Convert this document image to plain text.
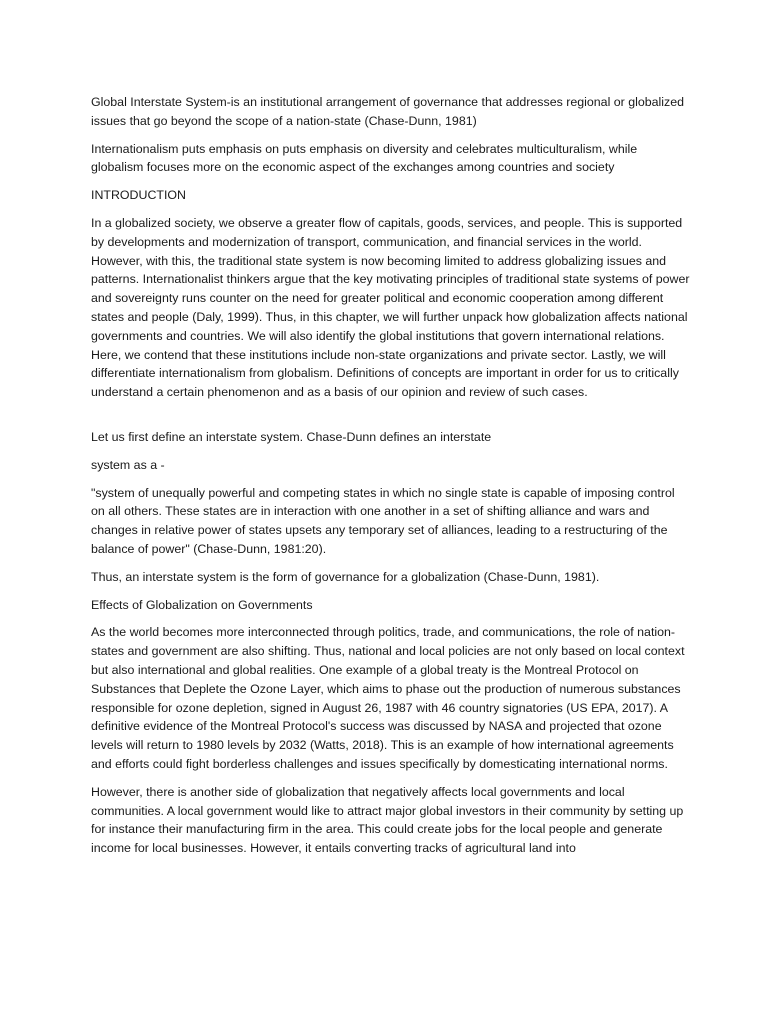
Global Interstate System-is an institutional arrangement of governance that addresses regional or globalized issues that go beyond the scope of a nation-state (Chase-Dunn, 1981)

Internationalism puts emphasis on puts emphasis on diversity and celebrates multiculturalism, while globalism focuses more on the economic aspect of the exchanges among countries and society

INTRODUCTION

In a globalized society, we observe a greater flow of capitals, goods, services, and people. This is supported by developments and modernization of transport, communication, and financial services in the world. However, with this, the traditional state system is now becoming limited to address globalizing issues and patterns. Internationalist thinkers argue that the key motivating principles of traditional state systems of power and sovereignty runs counter on the need for greater political and economic cooperation among different states and people (Daly, 1999). Thus, in this chapter, we will further unpack how globalization affects national governments and countries. We will also identify the global institutions that govern international relations. Here, we contend that these institutions include non-state organizations and private sector. Lastly, we will differentiate internationalism from globalism. Definitions of concepts are important in order for us to critically understand a certain phenomenon and as a basis of our opinion and review of such cases.

Let us first define an interstate system. Chase-Dunn defines an interstate

system as a -

"system of unequally powerful and competing states in which no single state is capable of imposing control on all others. These states are in interaction with one another in a set of shifting alliance and wars and changes in relative power of states upsets any temporary set of alliances, leading to a restructuring of the balance of power" (Chase-Dunn, 1981:20).

Thus, an interstate system is the form of governance for a globalization (Chase-Dunn, 1981).

Effects of Globalization on Governments

As the world becomes more interconnected through politics, trade, and communications, the role of nation-states and government are also shifting. Thus, national and local policies are not only based on local context but also international and global realities. One example of a global treaty is the Montreal Protocol on Substances that Deplete the Ozone Layer, which aims to phase out the production of numerous substances responsible for ozone depletion, signed in August 26, 1987 with 46 country signatories (US EPA, 2017). A definitive evidence of the Montreal Protocol's success was discussed by NASA and projected that ozone levels will return to 1980 levels by 2032 (Watts, 2018). This is an example of how international agreements and efforts could fight borderless challenges and issues specifically by domesticating international norms.

However, there is another side of globalization that negatively affects local governments and local communities. A local government would like to attract major global investors in their community by setting up for instance their manufacturing firm in the area. This could create jobs for the local people and generate income for local businesses. However, it entails converting tracks of agricultural land into
